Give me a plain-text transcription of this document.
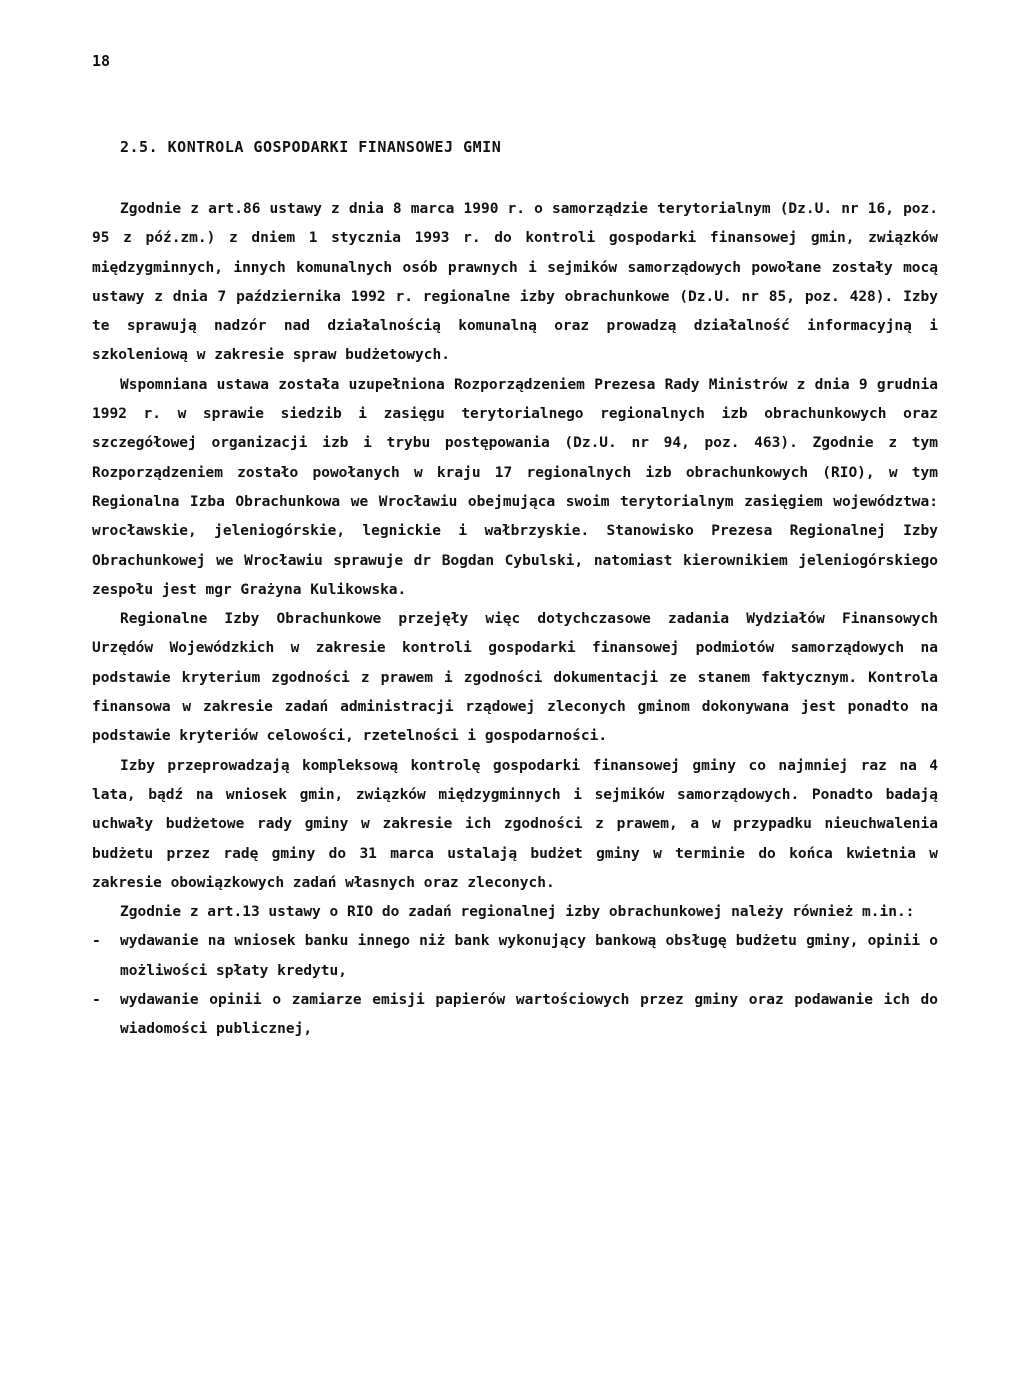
18
2.5. KONTROLA GOSPODARKI FINANSOWEJ GMIN

Zgodnie z art.86 ustawy z dnia 8 marca 1990 r. o samorządzie terytorialnym (Dz.U. nr 16, poz. 95 z póź.zm.) z dniem 1 stycznia 1993 r. do kontroli gospodarki finansowej gmin, związków międzygminnych, innych komunalnych osób prawnych i sejmików samorządowych powołane zostały mocą ustawy z dnia 7 października 1992 r. regionalne izby obrachunkowe (Dz.U. nr 85, poz. 428). Izby te sprawują nadzór nad działalnością komunalną oraz prowadzą działalność informacyjną i szkoleniową w zakresie spraw budżetowych.

Wspomniana ustawa została uzupełniona Rozporządzeniem Prezesa Rady Ministrów z dnia 9 grudnia 1992 r. w sprawie siedzib i zasięgu terytorialnego regionalnych izb obrachunkowych oraz szczegółowej organizacji izb i trybu postępowania (Dz.U. nr 94, poz. 463). Zgodnie z tym Rozporządzeniem zostało powołanych w kraju 17 regionalnych izb obrachunkowych (RIO), w tym Regionalna Izba Obrachunkowa we Wrocławiu obejmująca swoim terytorialnym zasięgiem województwa: wrocławskie, jeleniogórskie, legnickie i wałbrzyskie. Stanowisko Prezesa Regionalnej Izby Obrachunkowej we Wrocławiu sprawuje dr Bogdan Cybulski, natomiast kierownikiem jeleniogórskiego zespołu jest mgr Grażyna Kulikowska.

Regionalne Izby Obrachunkowe przejęły więc dotychczasowe zadania Wydziałów Finansowych Urzędów Wojewódzkich w zakresie kontroli gospodarki finansowej podmiotów samorządowych na podstawie kryterium zgodności z prawem i zgodności dokumentacji ze stanem faktycznym. Kontrola finansowa w zakresie zadań administracji rządowej zleconych gminom dokonywana jest ponadto na podstawie kryteriów celowości, rzetelności i gospodarności.

Izby przeprowadzają kompleksową kontrolę gospodarki finansowej gminy co najmniej raz na 4 lata, bądź na wniosek gmin, związków międzygminnych i sejmików samorządowych. Ponadto badają uchwały budżetowe rady gminy w zakresie ich zgodności z prawem, a w przypadku nieuchwalenia budżetu przez radę gminy do 31 marca ustalają budżet gminy w terminie do końca kwietnia w zakresie obowiązkowych zadań własnych oraz zleconych.

Zgodnie z art.13 ustawy o RIO do zadań regionalnej izby obrachunkowej należy również m.in.:

- wydawanie na wniosek banku innego niż bank wykonujący bankową obsługę budżetu gminy, opinii o możliwości spłaty kredytu,
- wydawanie opinii o zamiarze emisji papierów wartościowych przez gminy oraz podawanie ich do wiadomości publicznej,
